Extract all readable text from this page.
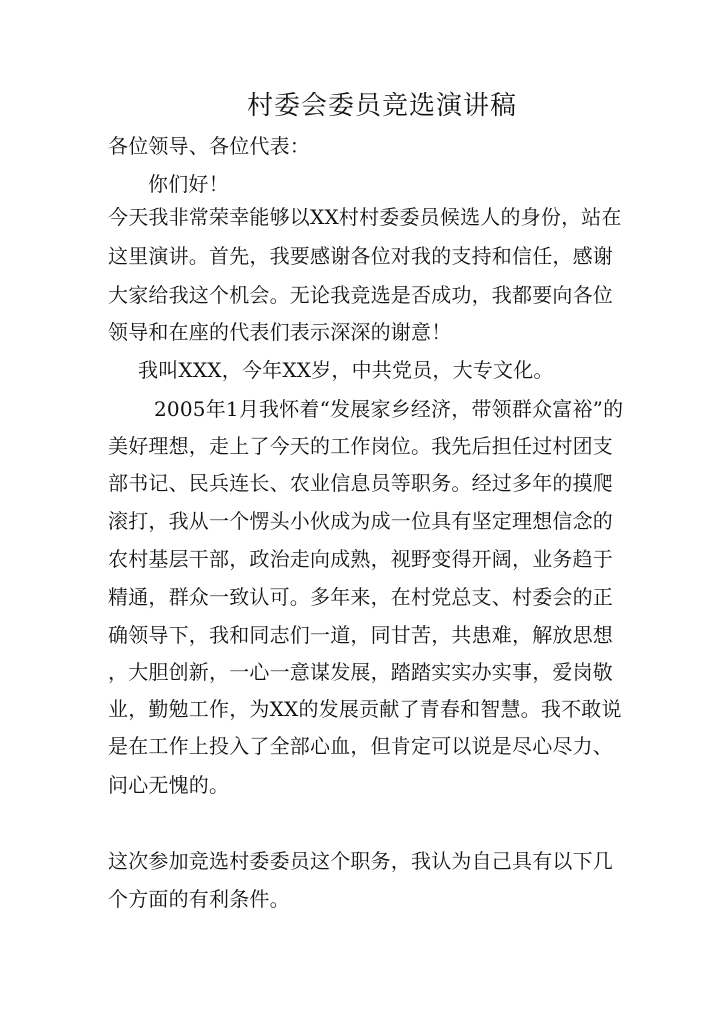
村委会委员竞选演讲稿
各位领导、各位代表：
你们好！
今天我非常荣幸能够以XX村村委委员候选人的身份，站在
这里演讲。首先，我要感谢各位对我的支持和信任，感谢
大家给我这个机会。无论我竞选是否成功，我都要向各位
领导和在座的代表们表示深深的谢意！
我叫XXX，今年XX岁，中共党员，大专文化。
2005年1月我怀着“发展家乡经济，带领群众富裕”的
美好理想，走上了今天的工作岗位。我先后担任过村团支
部书记、民兵连长、农业信息员等职务。经过多年的摸爬
滚打，我从一个愣头小伙成为成一位具有坚定理想信念的
农村基层干部，政治走向成熟，视野变得开阔，业务趋于
精通，群众一致认可。多年来，在村党总支、村委会的正
确领导下，我和同志们一道，同甘苦，共患难，解放思想
，大胆创新，一心一意谋发展，踏踏实实办实事，爱岗敬
业，勤勉工作，为XX的发展贡献了青春和智慧。我不敢说
是在工作上投入了全部心血，但肯定可以说是尽心尽力、
问心无愧的。
这次参加竞选村委委员这个职务，我认为自己具有以下几
个方面的有利条件。
